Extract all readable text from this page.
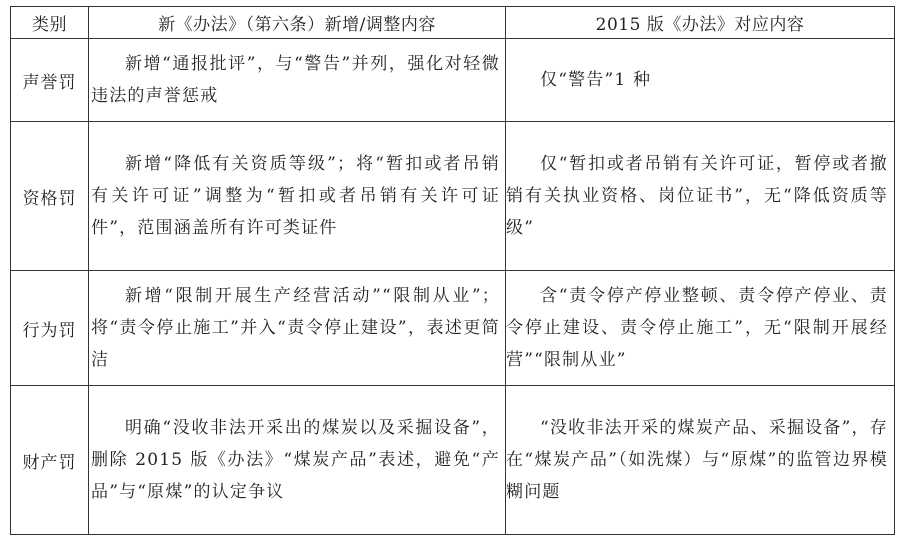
类别	新《办法》（第六条）新增/调整内容	2015 版《办法》对应内容
声誉罚	新增“通报批评”，与“警告”并列，强化对轻微违法的声誉惩戒	仅“警告”1 种
资格罚	新增“降低有关资质等级”；将“暂扣或者吊销有关许可证”调整为“暂扣或者吊销有关许可证件”，范围涵盖所有许可类证件	仅“暂扣或者吊销有关许可证，暂停或者撤销有关执业资格、岗位证书”，无“降低资质等级”
行为罚	新增“限制开展生产经营活动”“限制从业”；将“责令停止施工”并入“责令停止建设”，表述更简洁	含“责令停产停业整顿、责令停产停业、责令停止建设、责令停止施工”，无“限制开展经营”“限制从业”
财产罚	明确“没收非法开采出的煤炭以及采掘设备”，删除 2015 版《办法》“煤炭产品”表述，避免“产品”与“原煤”的认定争议	“没收非法开采的煤炭产品、采掘设备”，存在“煤炭产品”（如洗煤）与“原煤”的监管边界模糊问题
